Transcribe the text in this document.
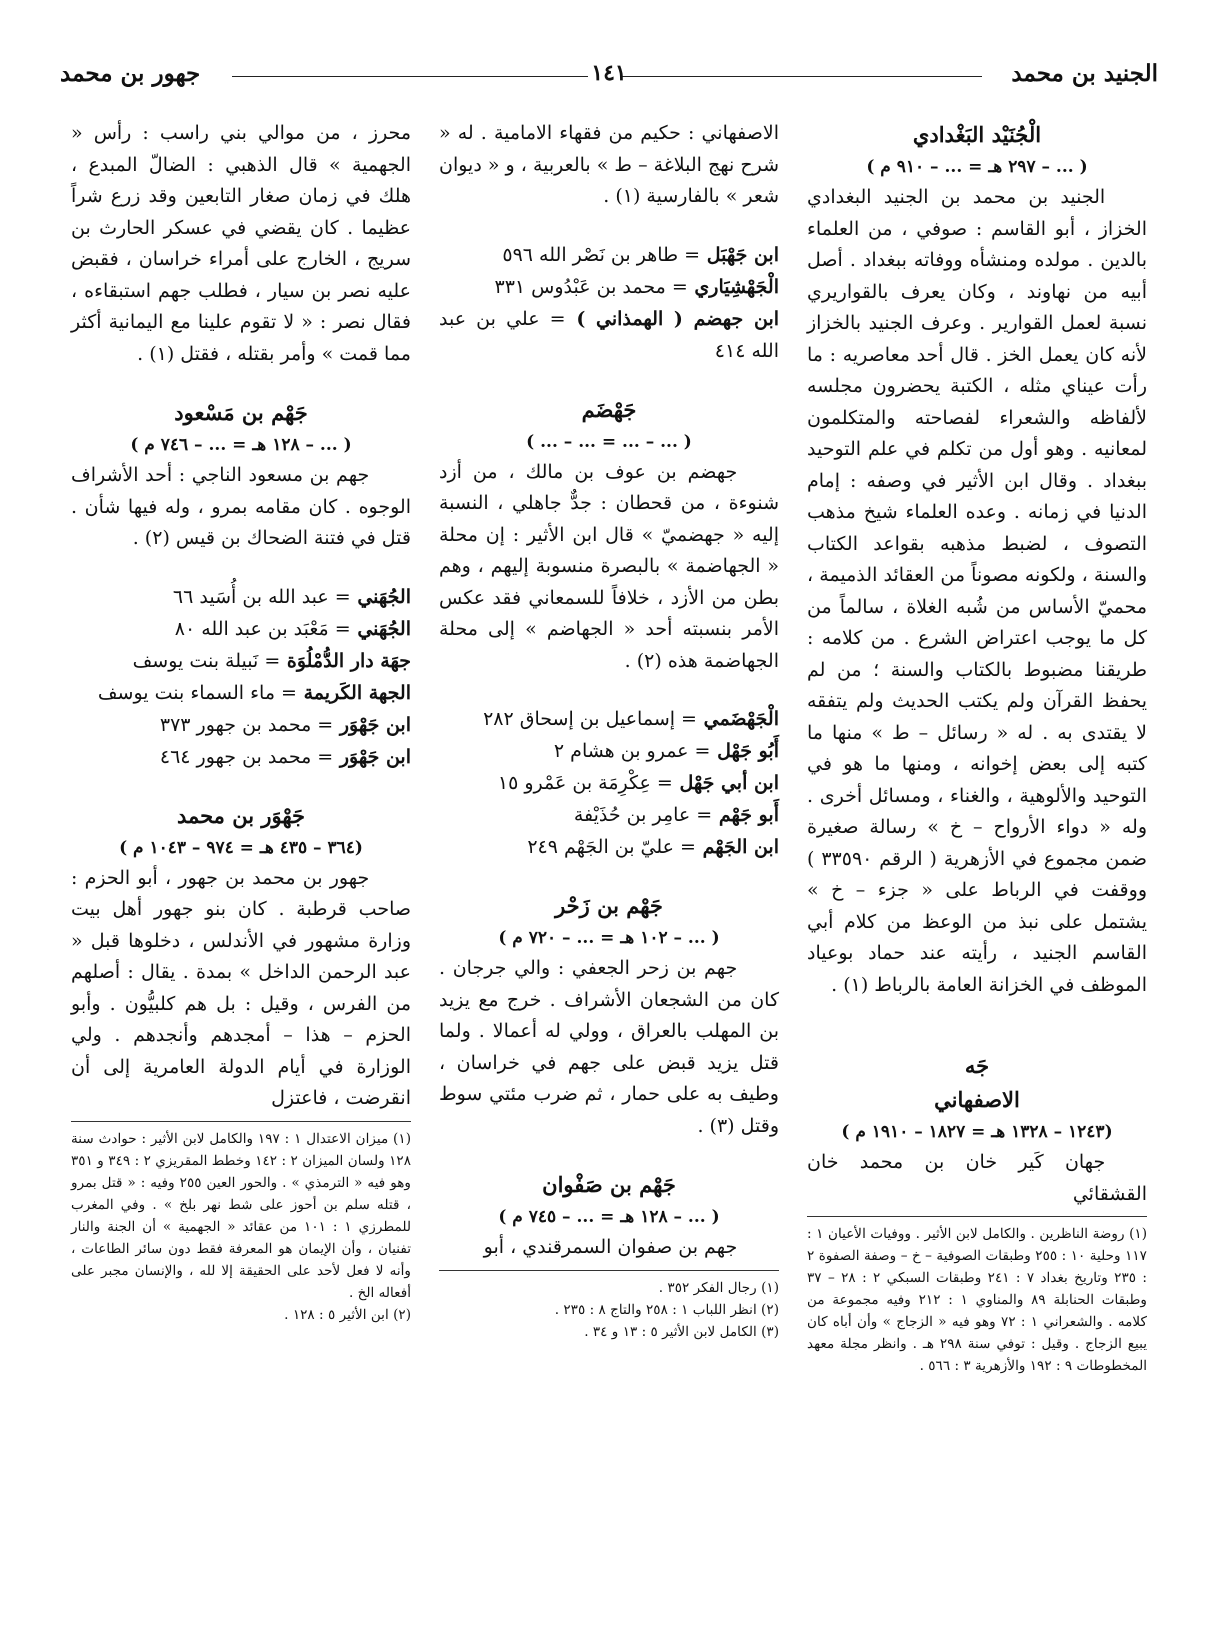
الجنيد بن محمد
١٤١
جهور بن محمد

الْجُنَيْد البَغْدادي

( ... – ٢٩٧ هـ = ... – ٩١٠ م )

الجنيد بن محمد بن الجنيد البغدادي الخزاز ، أبو القاسم : صوفي ، من العلماء بالدين . مولده ومنشأه ووفاته ببغداد . أصل أبيه من نهاوند ، وكان يعرف بالقواريري نسبة لعمل القوارير . وعرف الجنيد بالخزاز لأنه كان يعمل الخز . قال أحد معاصريه : ما رأت عيناي مثله ، الكتبة يحضرون مجلسه لألفاظه والشعراء لفصاحته والمتكلمون لمعانيه . وهو أول من تكلم في علم التوحيد ببغداد . وقال ابن الأثير في وصفه : إمام الدنيا في زمانه . وعده العلماء شيخ مذهب التصوف ، لضبط مذهبه بقواعد الكتاب والسنة ، ولكونه مصوناً من العقائد الذميمة ، محميّ الأساس من شُبه الغلاة ، سالماً من كل ما يوجب اعتراض الشرع . من كلامه : طريقنا مضبوط بالكتاب والسنة ؛ من لم يحفظ القرآن ولم يكتب الحديث ولم يتفقه لا يقتدى به . له « رسائل – ط » منها ما كتبه إلى بعض إخوانه ، ومنها ما هو في التوحيد والألوهية ، والغناء ، ومسائل أخرى . وله « دواء الأرواح – خ » رسالة صغيرة ضمن مجموع في الأزهرية ( الرقم ٣٣٥٩٠ ) ووقفت في الرباط على « جزء – خ » يشتمل على نبذ من الوعظ من كلام أبي القاسم الجنيد ، رأيته عند حماد بوعياد الموظف في الخزانة العامة بالرباط (١) .

جَه

الاصفهاني

(١٢٤٣ – ١٣٢٨ هـ = ١٨٢٧ – ١٩١٠ م )

جهان كَير خان بن محمد خان القشقائي

(١) روضة الناظرين . والكامل لابن الأثير . ووفيات الأعيان ١ : ١١٧ وحلية ١٠ : ٢٥٥ وطبقات الصوفية – خ – وصفة الصفوة ٢ : ٢٣٥ وتاريخ بغداد ٧ : ٢٤١ وطبقات السبكي ٢ : ٢٨ – ٣٧ وطبقات الحنابلة ٨٩ والمناوي ١ : ٢١٢ وفيه مجموعة من كلامه . والشعراني ١ : ٧٢ وهو فيه « الزجاج » وأن أباه كان يبيع الزجاج . وقيل : توفي سنة ٢٩٨ هـ . وانظر مجلة معهد المخطوطات ٩ : ١٩٢ والأزهرية ٣ : ٥٦٦ .

الاصفهاني : حكيم من فقهاء الامامية . له « شرح نهج البلاغة – ط » بالعربية ، و « ديوان شعر » بالفارسية (١) .

ابن جَهْبَل = طاهر بن نَصْر الله ٥٩٦

الْجَهْشِيَاري = محمد بن عَبْدُوس ٣٣١

ابن جهضم ( الهمذاني ) = علي بن عبد الله ٤١٤

جَهْضَم

( ... – ... = ... – ... )

جهضم بن عوف بن مالك ، من أزد شنوءة ، من قحطان : جدٌّ جاهلي ، النسبة إليه « جهضميّ » قال ابن الأثير : إن محلة « الجهاضمة » بالبصرة منسوبة إليهم ، وهم بطن من الأزد ، خلافاً للسمعاني فقد عكس الأمر بنسبته أحد « الجهاضم » إلى محلة الجهاضمة هذه (٢) .

الْجَهْضَمي = إسماعيل بن إسحاق ٢٨٢

أَبُو جَهْل = عمرو بن هشام ٢

ابن أبي جَهْل = عِكْرِمَة بن عَمْرو ١٥

أَبو جَهْم = عامِر بن حُذَيْفة

ابن الجَهْم = عليّ بن الجَهْم ٢٤٩

جَهْم بن زَحْر

( ... – ١٠٢ هـ = ... – ٧٢٠ م )

جهم بن زحر الجعفي : والي جرجان . كان من الشجعان الأشراف . خرج مع يزيد بن المهلب بالعراق ، وولي له أعمالا . ولما قتل يزيد قبض على جهم في خراسان ، وطيف به على حمار ، ثم ضرب مئتي سوط وقتل (٣) .

جَهْم بن صَفْوان

( ... – ١٢٨ هـ = ... – ٧٤٥ م )

جهم بن صفوان السمرقندي ، أبو

(١) رجال الفكر ٣٥٢ .

(٢) انظر اللباب ١ : ٢٥٨ والتاج ٨ : ٢٣٥ .

(٣) الكامل لابن الأثير ٥ : ١٣ و ٣٤ .

محرز ، من موالي بني راسب : رأس « الجهمية » قال الذهبي : الضالّ المبدع ، هلك في زمان صغار التابعين وقد زرع شراً عظيما . كان يقضي في عسكر الحارث بن سريج ، الخارج على أمراء خراسان ، فقبض عليه نصر بن سيار ، فطلب جهم استبقاءه ، فقال نصر : « لا تقوم علينا مع اليمانية أكثر مما قمت » وأمر بقتله ، فقتل (١) .

جَهْم بن مَسْعود

( ... – ١٢٨ هـ = ... – ٧٤٦ م )

جهم بن مسعود الناجي : أحد الأشراف الوجوه . كان مقامه بمرو ، وله فيها شأن . قتل في فتنة الضحاك بن قيس (٢) .

الجُهَني = عبد الله بن أُسَيد ٦٦

الجُهَني = مَعْبَد بن عبد الله ٨٠

جهَة دار الدُّمْلُوَة = نَبيلة بنت يوسف

الجهة الكَريمة = ماء السماء بنت يوسف

ابن جَهْوَر = محمد بن جهور ٣٧٣

ابن جَهْوَر = محمد بن جهور ٤٦٤

جَهْوَر بن محمد

(٣٦٤ – ٤٣٥ هـ = ٩٧٤ – ١٠٤٣ م )

جهور بن محمد بن جهور ، أبو الحزم : صاحب قرطبة . كان بنو جهور أهل بيت وزارة مشهور في الأندلس ، دخلوها قبل « عبد الرحمن الداخل » بمدة . يقال : أصلهم من الفرس ، وقيل : بل هم كلبيُّون . وأبو الحزم – هذا – أمجدهم وأنجدهم . ولي الوزارة في أيام الدولة العامرية إلى أن انقرضت ، فاعتزل

(١) ميزان الاعتدال ١ : ١٩٧ والكامل لابن الأثير : حوادث سنة ١٢٨ ولسان الميزان ٢ : ١٤٢ وخطط المقريزي ٢ : ٣٤٩ و ٣٥١ وهو فيه « الترمذي » . والحور العين ٢٥٥ وفيه : « قتل بمرو ، قتله سلم بن أحوز على شط نهر بلخ » . وفي المغرب للمطرزي ١ : ١٠١ من عقائد « الجهمية » أن الجنة والنار تفنيان ، وأن الإيمان هو المعرفة فقط دون سائر الطاعات ، وأنه لا فعل لأحد على الحقيقة إلا لله ، والإنسان مجبر على أفعاله الخ .

(٢) ابن الأثير ٥ : ١٢٨ .
